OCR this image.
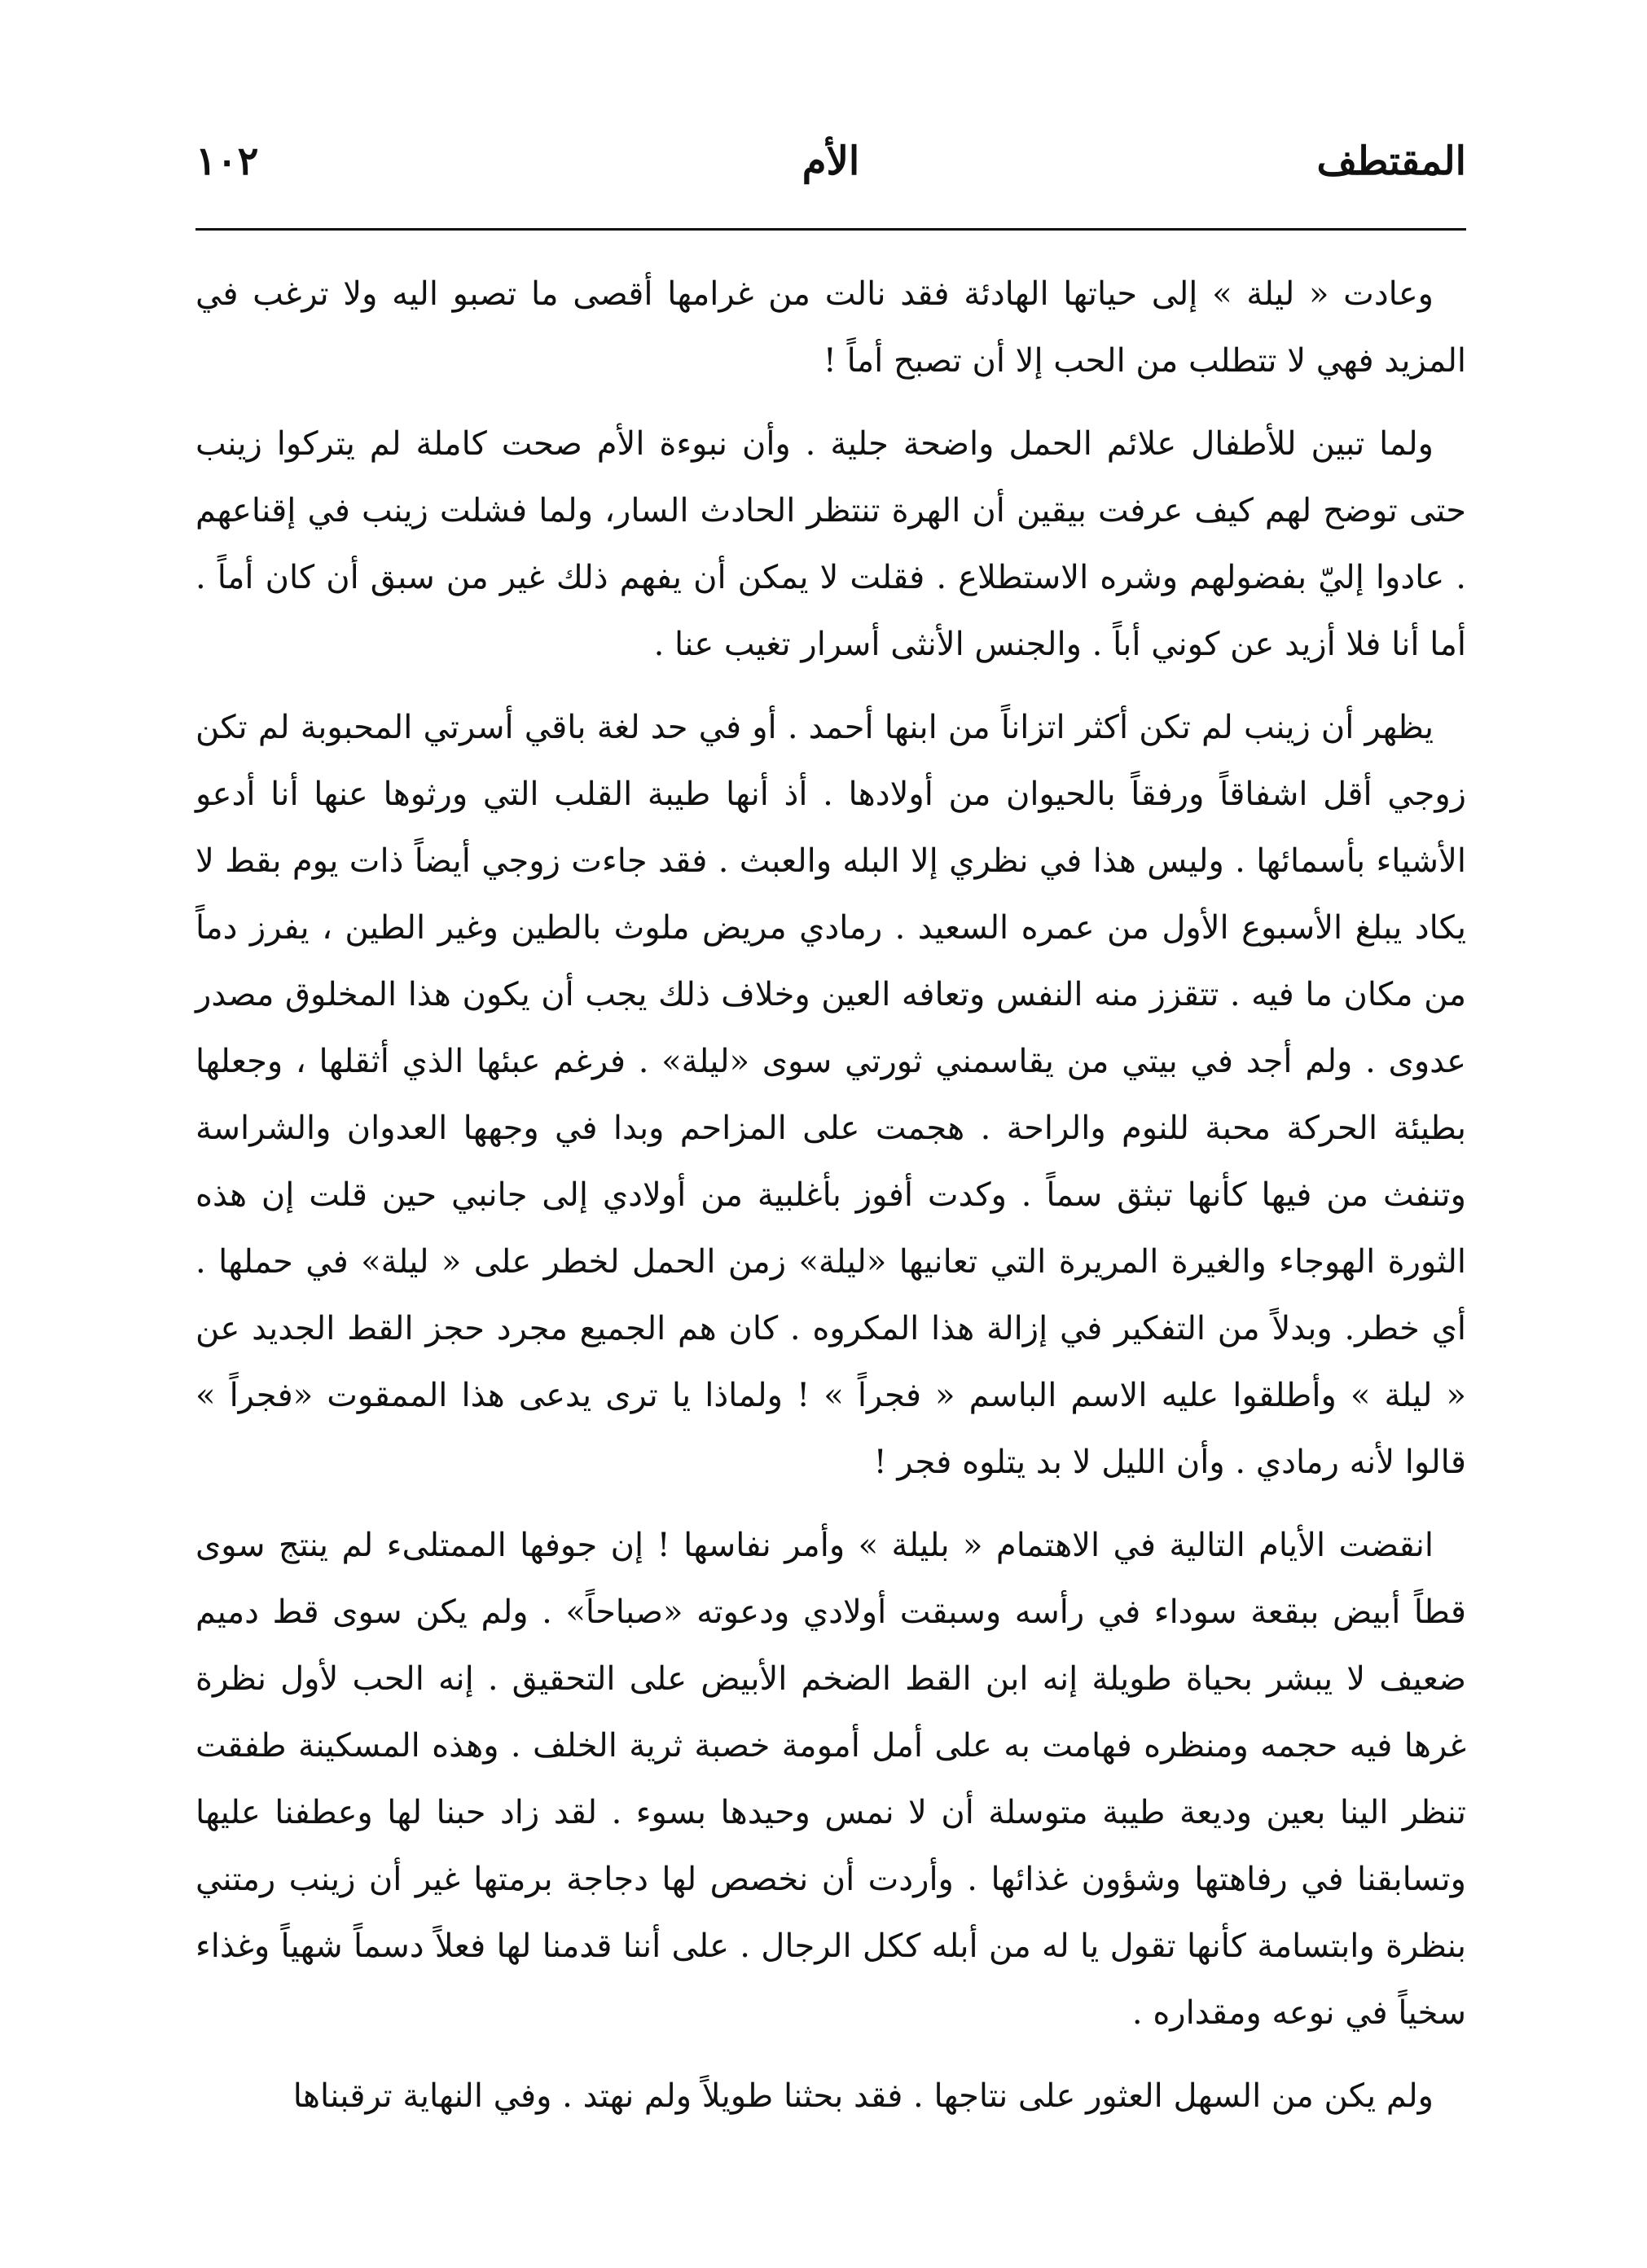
المقتطف
الأم
١٠٢

وعادت « ليلة » إلى حياتها الهادئة فقد نالت من غرامها أقصى ما تصبو اليه ولا ترغب في المزيد فهي لا تتطلب من الحب إلا أن تصبح أماً !

ولما تبين للأطفال علائم الحمل واضحة جلية . وأن نبوءة الأم صحت كاملة لم يتركوا زينب حتى توضح لهم كيف عرفت بيقين أن الهرة تنتظر الحادث السار، ولما فشلت زينب في إقناعهم . عادوا إليّ بفضولهم وشره الاستطلاع . فقلت لا يمكن أن يفهم ذلك غير من سبق أن كان أماً . أما أنا فلا أزيد عن كوني أباً . والجنس الأنثى أسرار تغيب عنا .

يظهر أن زينب لم تكن أكثر اتزاناً من ابنها أحمد . أو في حد لغة باقي أسرتي المحبوبة لم تكن زوجي أقل اشفاقاً ورفقاً بالحيوان من أولادها . أذ أنها طيبة القلب التي ورثوها عنها أنا أدعو الأشياء بأسمائها . وليس هذا في نظري إلا البله والعبث . فقد جاءت زوجي أيضاً ذات يوم بقط لا يكاد يبلغ الأسبوع الأول من عمره السعيد . رمادي مريض ملوث بالطين وغير الطين ، يفرز دماً من مكان ما فيه . تتقزز منه النفس وتعافه العين وخلاف ذلك يجب أن يكون هذا المخلوق مصدر عدوى . ولم أجد في بيتي من يقاسمني ثورتي سوى «ليلة» . فرغم عبئها الذي أثقلها ، وجعلها بطيئة الحركة محبة للنوم والراحة . هجمت على المزاحم وبدا في وجهها العدوان والشراسة وتنفث من فيها كأنها تبثق سماً . وكدت أفوز بأغلبية من أولادي إلى جانبي حين قلت إن هذه الثورة الهوجاء والغيرة المريرة التي تعانيها «ليلة» زمن الحمل لخطر على « ليلة» في حملها . أي خطر. وبدلاً من التفكير في إزالة هذا المكروه . كان هم الجميع مجرد حجز القط الجديد عن « ليلة » وأطلقوا عليه الاسم الباسم « فجراً » ! ولماذا يا ترى يدعى هذا الممقوت «فجراً » قالوا لأنه رمادي . وأن الليل لا بد يتلوه فجر !

انقضت الأيام التالية في الاهتمام « بليلة » وأمر نفاسها ! إن جوفها الممتلىء لم ينتج سوى قطاً أبيض ببقعة سوداء في رأسه وسبقت أولادي ودعوته «صباحاً» . ولم يكن سوى قط دميم ضعيف لا يبشر بحياة طويلة إنه ابن القط الضخم الأبيض على التحقيق . إنه الحب لأول نظرة غرها فيه حجمه ومنظره فهامت به على أمل أمومة خصبة ثرية الخلف . وهذه المسكينة طفقت تنظر الينا بعين وديعة طيبة متوسلة أن لا نمس وحيدها بسوء . لقد زاد حبنا لها وعطفنا عليها وتسابقنا في رفاهتها وشؤون غذائها . وأردت أن نخصص لها دجاجة برمتها غير أن زينب رمتني بنظرة وابتسامة كأنها تقول يا له من أبله ككل الرجال . على أننا قدمنا لها فعلاً دسماً شهياً وغذاء سخياً في نوعه ومقداره .

ولم يكن من السهل العثور على نتاجها . فقد بحثنا طويلاً ولم نهتد . وفي النهاية ترقبناها
